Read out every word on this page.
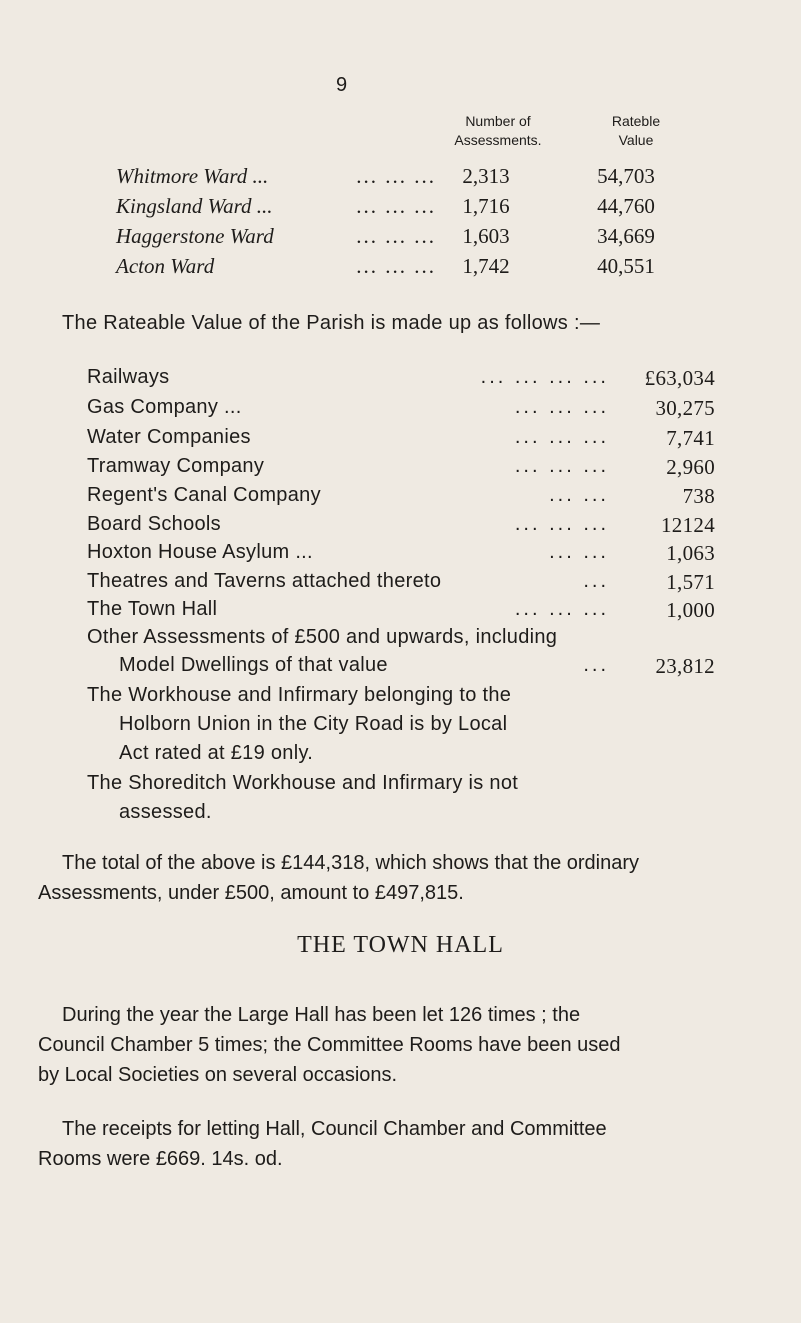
9
Number of
Assessments.
Rateble
Value
Whitmore Ward ...	... ... ...	2,313	54,703
Kingsland Ward ...	... ... ...	1,716	44,760
Haggerstone Ward	... ... ...	1,603	34,669
Acton Ward	... ... ...	1,742	40,551
The Rateable Value of the Parish is made up as follows :—
Railways	... ... ... ... £63,034
Gas Company ...	... ... ... 30,275
Water Companies	... ... ...	7,741
Tramway Company	... ... ...	2,960
Regent's Canal Company	... ...	738
Board Schools	... ... ... 12124
Hoxton House Asylum ...	... ...	1,063
Theatres and Taverns attached thereto	...	1,571
The Town Hall	... ... ...	1,000
Other Assessments of £500 and upwards, including
Model Dwellings of that value	... 23,812
The Workhouse and Infirmary belonging to the
Holborn Union in the City Road is by Local
Act rated at £19 only.
The Shoreditch Workhouse and Infirmary is not
assessed.
The total of the above is £144,318, which shows that the ordinary
Assessments, under £500, amount to £497,815.
THE TOWN HALL
During the year the Large Hall has been let 126 times ; the
Council Chamber 5 times; the Committee Rooms have been used
by Local Societies on several occasions.
The receipts for letting Hall, Council Chamber and Committee
Rooms were £669. 14s. od.
